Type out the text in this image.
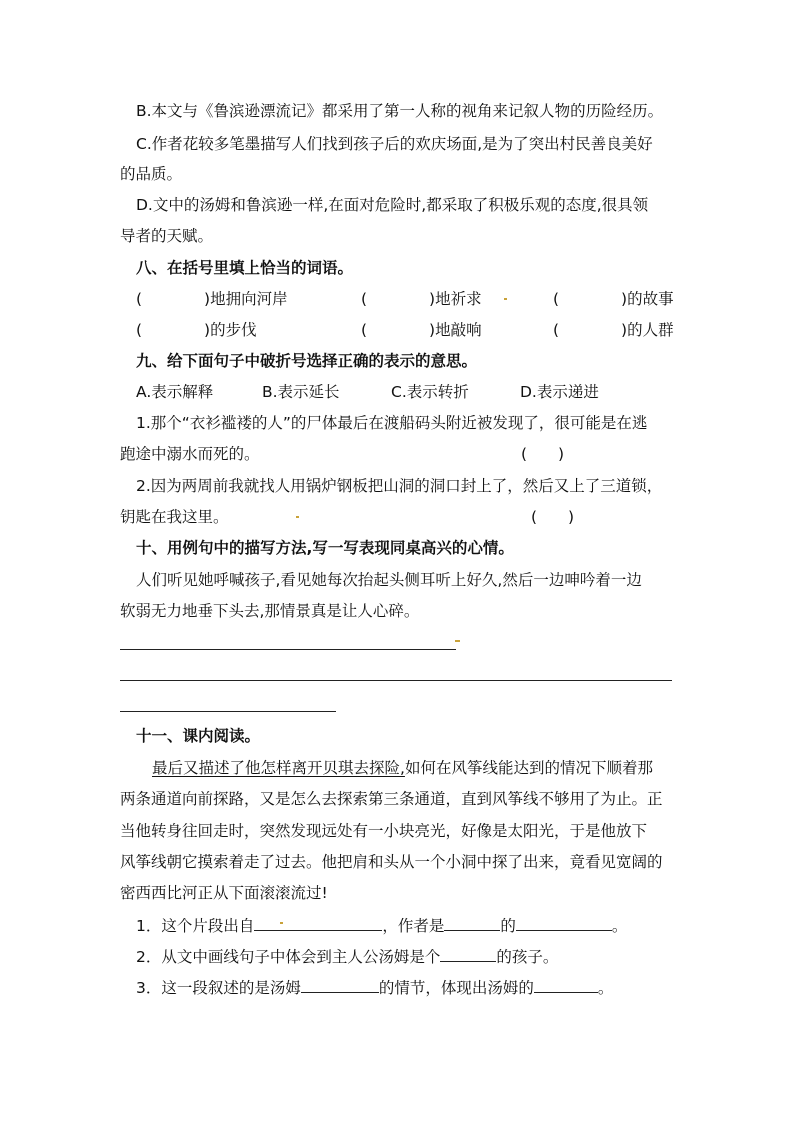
B.本文与《鲁滨逊漂流记》都采用了第一人称的视角来记叙人物的历险经历。
C.作者花较多笔墨描写人们找到孩子后的欢庆场面,是为了突出村民善良美好
的品质。
D.文中的汤姆和鲁滨逊一样,在面对危险时,都采取了积极乐观的态度,很具领
导者的天赋。
八、在括号里填上恰当的词语。
(　　　　)地拥向河岸	(　　　　)地祈求	(　　　　)的故事
(　　　　)的步伐	(　　　　)地敲响	(　　　　)的人群
九、给下面句子中破折号选择正确的表示的意思。
A.表示解释	B.表示延长	C.表示转折	D.表示递进
1.那个“衣衫褴褛的人”的尸体最后在渡船码头附近被发现了，很可能是在逃
跑途中溺水而死的。	(　　)
2.因为两周前我就找人用锅炉钢板把山洞的洞口封上了，然后又上了三道锁，
钥匙在我这里。	(　　)
十、用例句中的描写方法,写一写表现同桌高兴的心情。
人们听见她呼喊孩子,看见她每次抬起头侧耳听上好久,然后一边呻吟着一边
软弱无力地垂下头去,那情景真是让人心碎。
十一、课内阅读。
最后又描述了他怎样离开贝琪去探险,如何在风筝线能达到的情况下顺着那
两条通道向前探路，又是怎么去探索第三条通道，直到风筝线不够用了为止。正
当他转身往回走时，突然发现远处有一小块亮光，好像是太阳光，于是他放下
风筝线朝它摸索着走了过去。他把肩和头从一个小洞中探了出来，竟看见宽阔的
密西西比河正从下面滚滚流过!
1．这个片段出自	，作者是	的	。
2．从文中画线句子中体会到主人公汤姆是个	的孩子。
3．这一段叙述的是汤姆	的情节，体现出汤姆的	。
